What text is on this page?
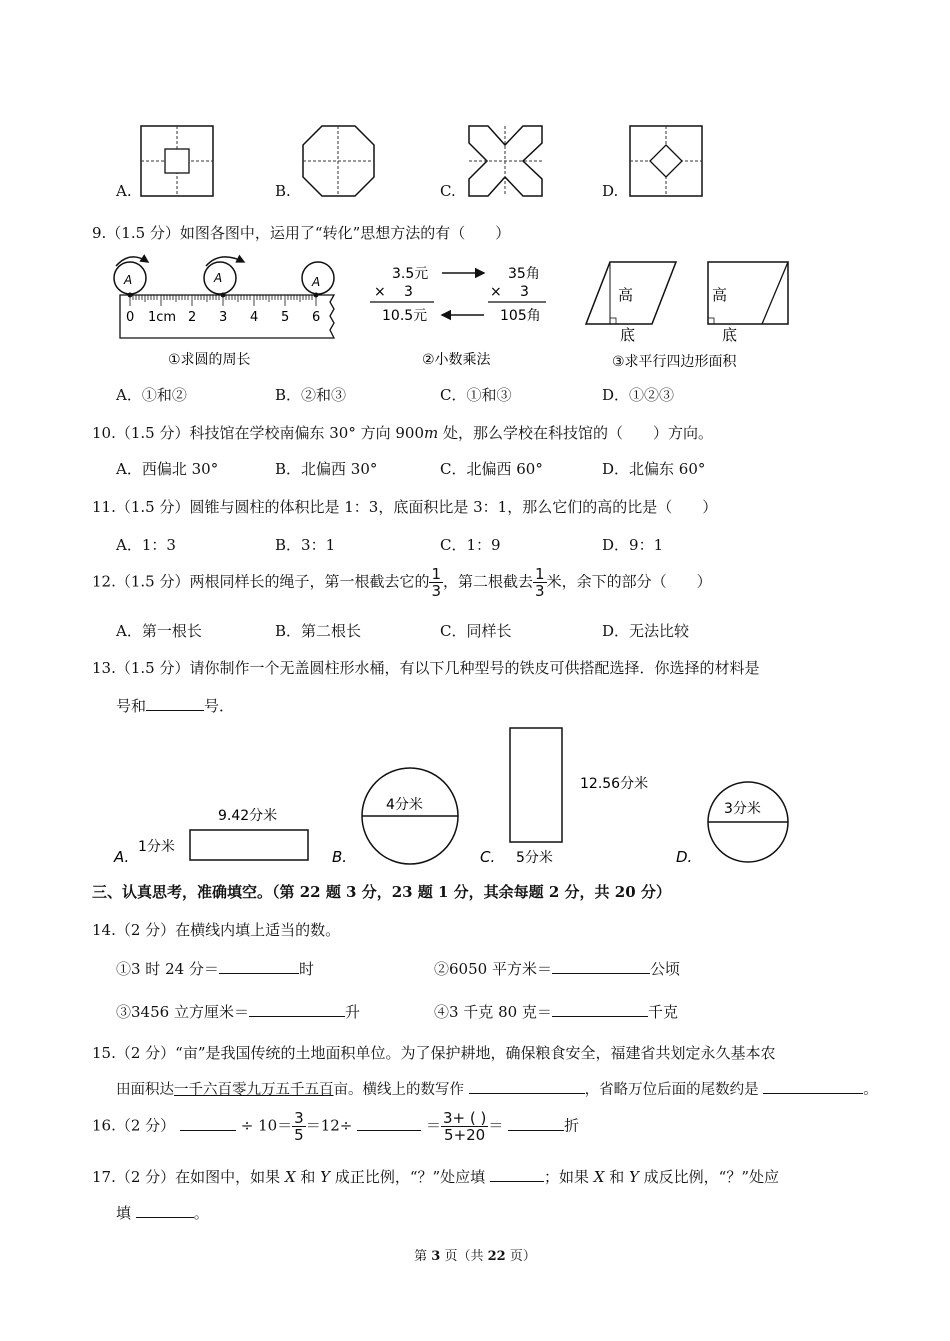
A.	B.	C.	D.
9.（1.5 分）如图各图中，运用了“转化”思想方法的有（　　）
A	A	A
0 1cm 2 3 4 5 6
①求圆的周长
3.5元	35角
× 3	× 3
10.5元	105角
②小数乘法
高
底
高
底
③求平行四边形面积
A．①和②	B．②和③	C．①和③	D．①②③
10.（1.5 分）科技馆在学校南偏东 30° 方向 900m 处，那么学校在科技馆的（　　）方向。
A．西偏北 30°	B．北偏西 30°	C．北偏西 60°	D．北偏东 60°
11.（1.5 分）圆锥与圆柱的体积比是 1：3，底面积比是 3：1，那么它们的高的比是（　　）
A．1：3	B．3：1	C．1：9	D．9：1
12.（1.5 分）两根同样长的绳子，第一根截去它的 $\frac{1}{3}$ ，第二根截去 $\frac{1}{3}$ 米，余下的部分（　　）
A．第一根长	B．第二根长	C．同样长	D．无法比较
13.（1.5 分）请你制作一个无盖圆柱形水桶，有以下几种型号的铁皮可供搭配选择．你选择的材料是
号和	号．
A.
9.42分米
1分米
B.
4分米
C.
12.56分米
5分米	D.
3分米
三、认真思考，准确填空。（第 22 题 3 分，23 题 1 分，其余每题 2 分，共 20 分）
14.（2 分）在横线内填上适当的数。
①3 时 24 分＝	时	②6050 平方米＝	公顷
③3456 立方厘米＝	升	④3 千克 80 克＝	千克
15.（2 分）“亩”是我国传统的土地面积单位。为了保护耕地，确保粮食安全，福建省共划定永久基本农
田面积达一千六百零九万五千五百亩。横线上的数写作	，省略万位后面的尾数约是	。
16.（2 分）	÷ $10= \frac{3}{5} =12\div$	＝ $\frac{3+ ( )}{5+20}$ ＝	折
17.（2 分）在如图中，如果 X 和 Y 成正比例，“？”处应填	；如果 X 和 Y 成反比例，“？”处应
填	。
第 3 页（共 22 页）
